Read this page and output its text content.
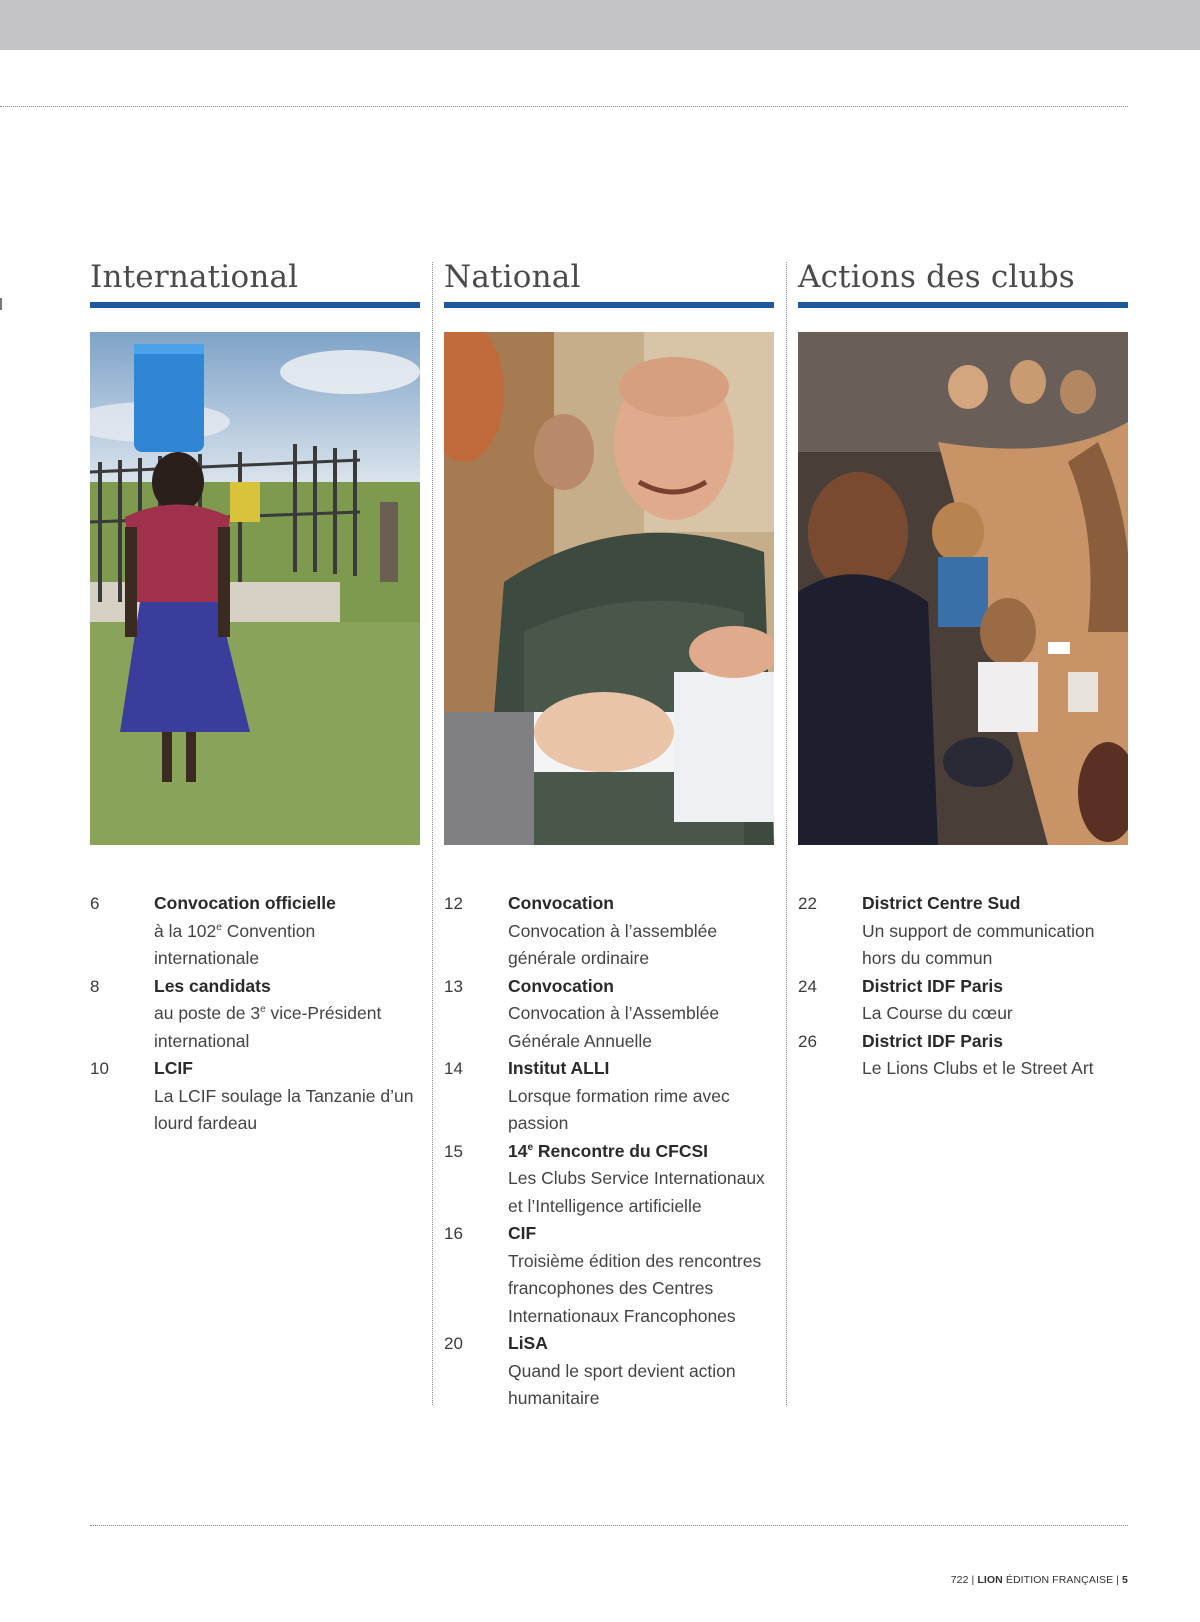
International
6	Convocation officielle
à la 102e Convention internationale
8	Les candidats
au poste de 3e vice-Président international
10	LCIF
La LCIF soulage la Tanzanie d’un lourd fardeau
National
12	Convocation
Convocation à l’assemblée générale ordinaire
13	Convocation
Convocation à l’Assemblée Générale Annuelle
14	Institut ALLI
Lorsque formation rime avec passion
15	14e Rencontre du CFCSI
Les Clubs Service Internationaux et l’Intelligence artificielle
16	CIF
Troisième édition des rencontres francophones des Centres Internationaux Francophones
20	LiSA
Quand le sport devient action humanitaire
Actions des clubs
22	District Centre Sud
Un support de communication hors du commun
24	District IDF Paris
La Course du cœur
26	District IDF Paris
Le Lions Clubs et le Street Art
722 | LION ÉDITION FRANÇAISE | 5
